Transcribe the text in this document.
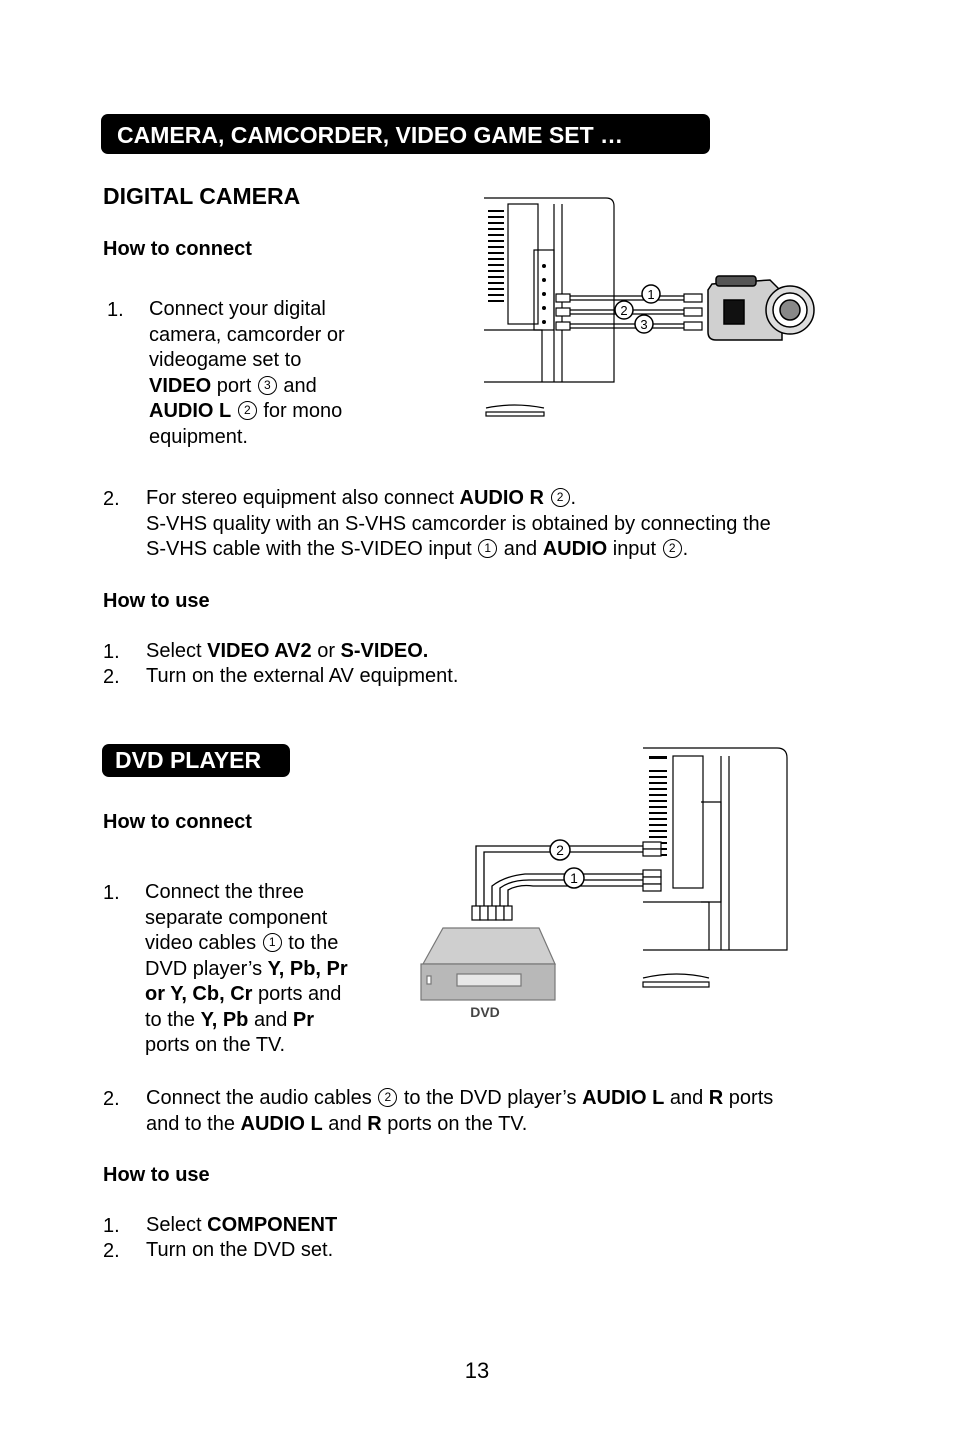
CAMERA, CAMCORDER, VIDEO GAME SET …
DIGITAL CAMERA
How to connect
1. Connect your digital
camera, camcorder or
videogame set to
VIDEO port 3 and
AUDIO L 2 for mono
equipment.
1
2
3
2. For stereo equipment also connect AUDIO R 2 .
S-VHS quality with an S-VHS camcorder is obtained by connecting the
S-VHS cable with the S-VIDEO input 1 and AUDIO input 2 .
How to use
1. Select VIDEO AV2 or S-VIDEO.
2. Turn on the external AV equipment.
DVD PLAYER
How to connect
1. Connect the three
separate component
video cables 1 to the
DVD player’s Y, Pb, Pr
or Y, Cb, Cr ports and
to the Y, Pb and Pr
ports on the TV.
2
1
DVD
2. Connect the audio cables 2 to the DVD player’s AUDIO L and R ports
and to the AUDIO L and R ports on the TV.
How to use
1. Select COMPONENT
2. Turn on the DVD set.
13
